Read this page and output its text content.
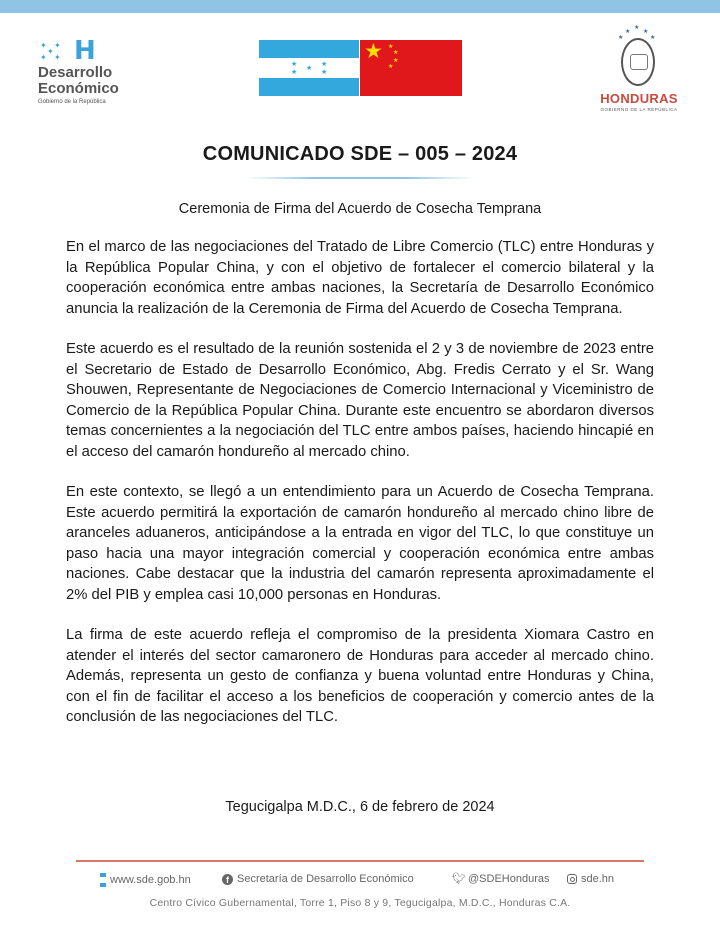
✦ ✦
✦
✦ ✦ H
Desarrollo
Económico
Gobierno de la República
★	★
★
★	★
★ ★
★
★
★
★
★ ★
★	★
HONDURAS
GOBIERNO DE LA REPÚBLICA
COMUNICADO SDE – 005 – 2024
Ceremonia de Firma del Acuerdo de Cosecha Temprana

En el marco de las negociaciones del Tratado de Libre Comercio (TLC) entre Honduras y la República Popular China, y con el objetivo de fortalecer el comercio bilateral y la cooperación económica entre ambas naciones, la Secretaría de Desarrollo Económico anuncia la realización de la Ceremonia de Firma del Acuerdo de Cosecha Temprana.

Este acuerdo es el resultado de la reunión sostenida el 2 y 3 de noviembre de 2023 entre el Secretario de Estado de Desarrollo Económico, Abg. Fredis Cerrato y el Sr. Wang Shouwen, Representante de Negociaciones de Comercio Internacional y Viceministro de Comercio de la República Popular China. Durante este encuentro se abordaron diversos temas concernientes a la negociación del TLC entre ambos países, haciendo hincapié en el acceso del camarón hondureño al mercado chino.

En este contexto, se llegó a un entendimiento para un Acuerdo de Cosecha Temprana. Este acuerdo permitirá la exportación de camarón hondureño al mercado chino libre de aranceles aduaneros, anticipándose a la entrada en vigor del TLC, lo que constituye un paso hacia una mayor integración comercial y cooperación económica entre ambas naciones. Cabe destacar que la industria del camarón representa aproximadamente el 2% del PIB y emplea casi 10,000 personas en Honduras.

La firma de este acuerdo refleja el compromiso de la presidenta Xiomara Castro en atender el interés del sector camaronero de Honduras para acceder al mercado chino. Además, representa un gesto de confianza y buena voluntad entre Honduras y China, con el fin de facilitar el acceso a los beneficios de cooperación y comercio antes de la conclusión de las negociaciones del TLC.

Tegucigalpa M.D.C., 6 de febrero de 2024
www.sde.gob.hn	f Secretaría de Desarrollo Económico	🐦︎ @SDEHonduras	sde.hn
Centro Cívico Gubernamental, Torre 1, Piso 8 y 9, Tegucigalpa, M.D.C., Honduras C.A.
